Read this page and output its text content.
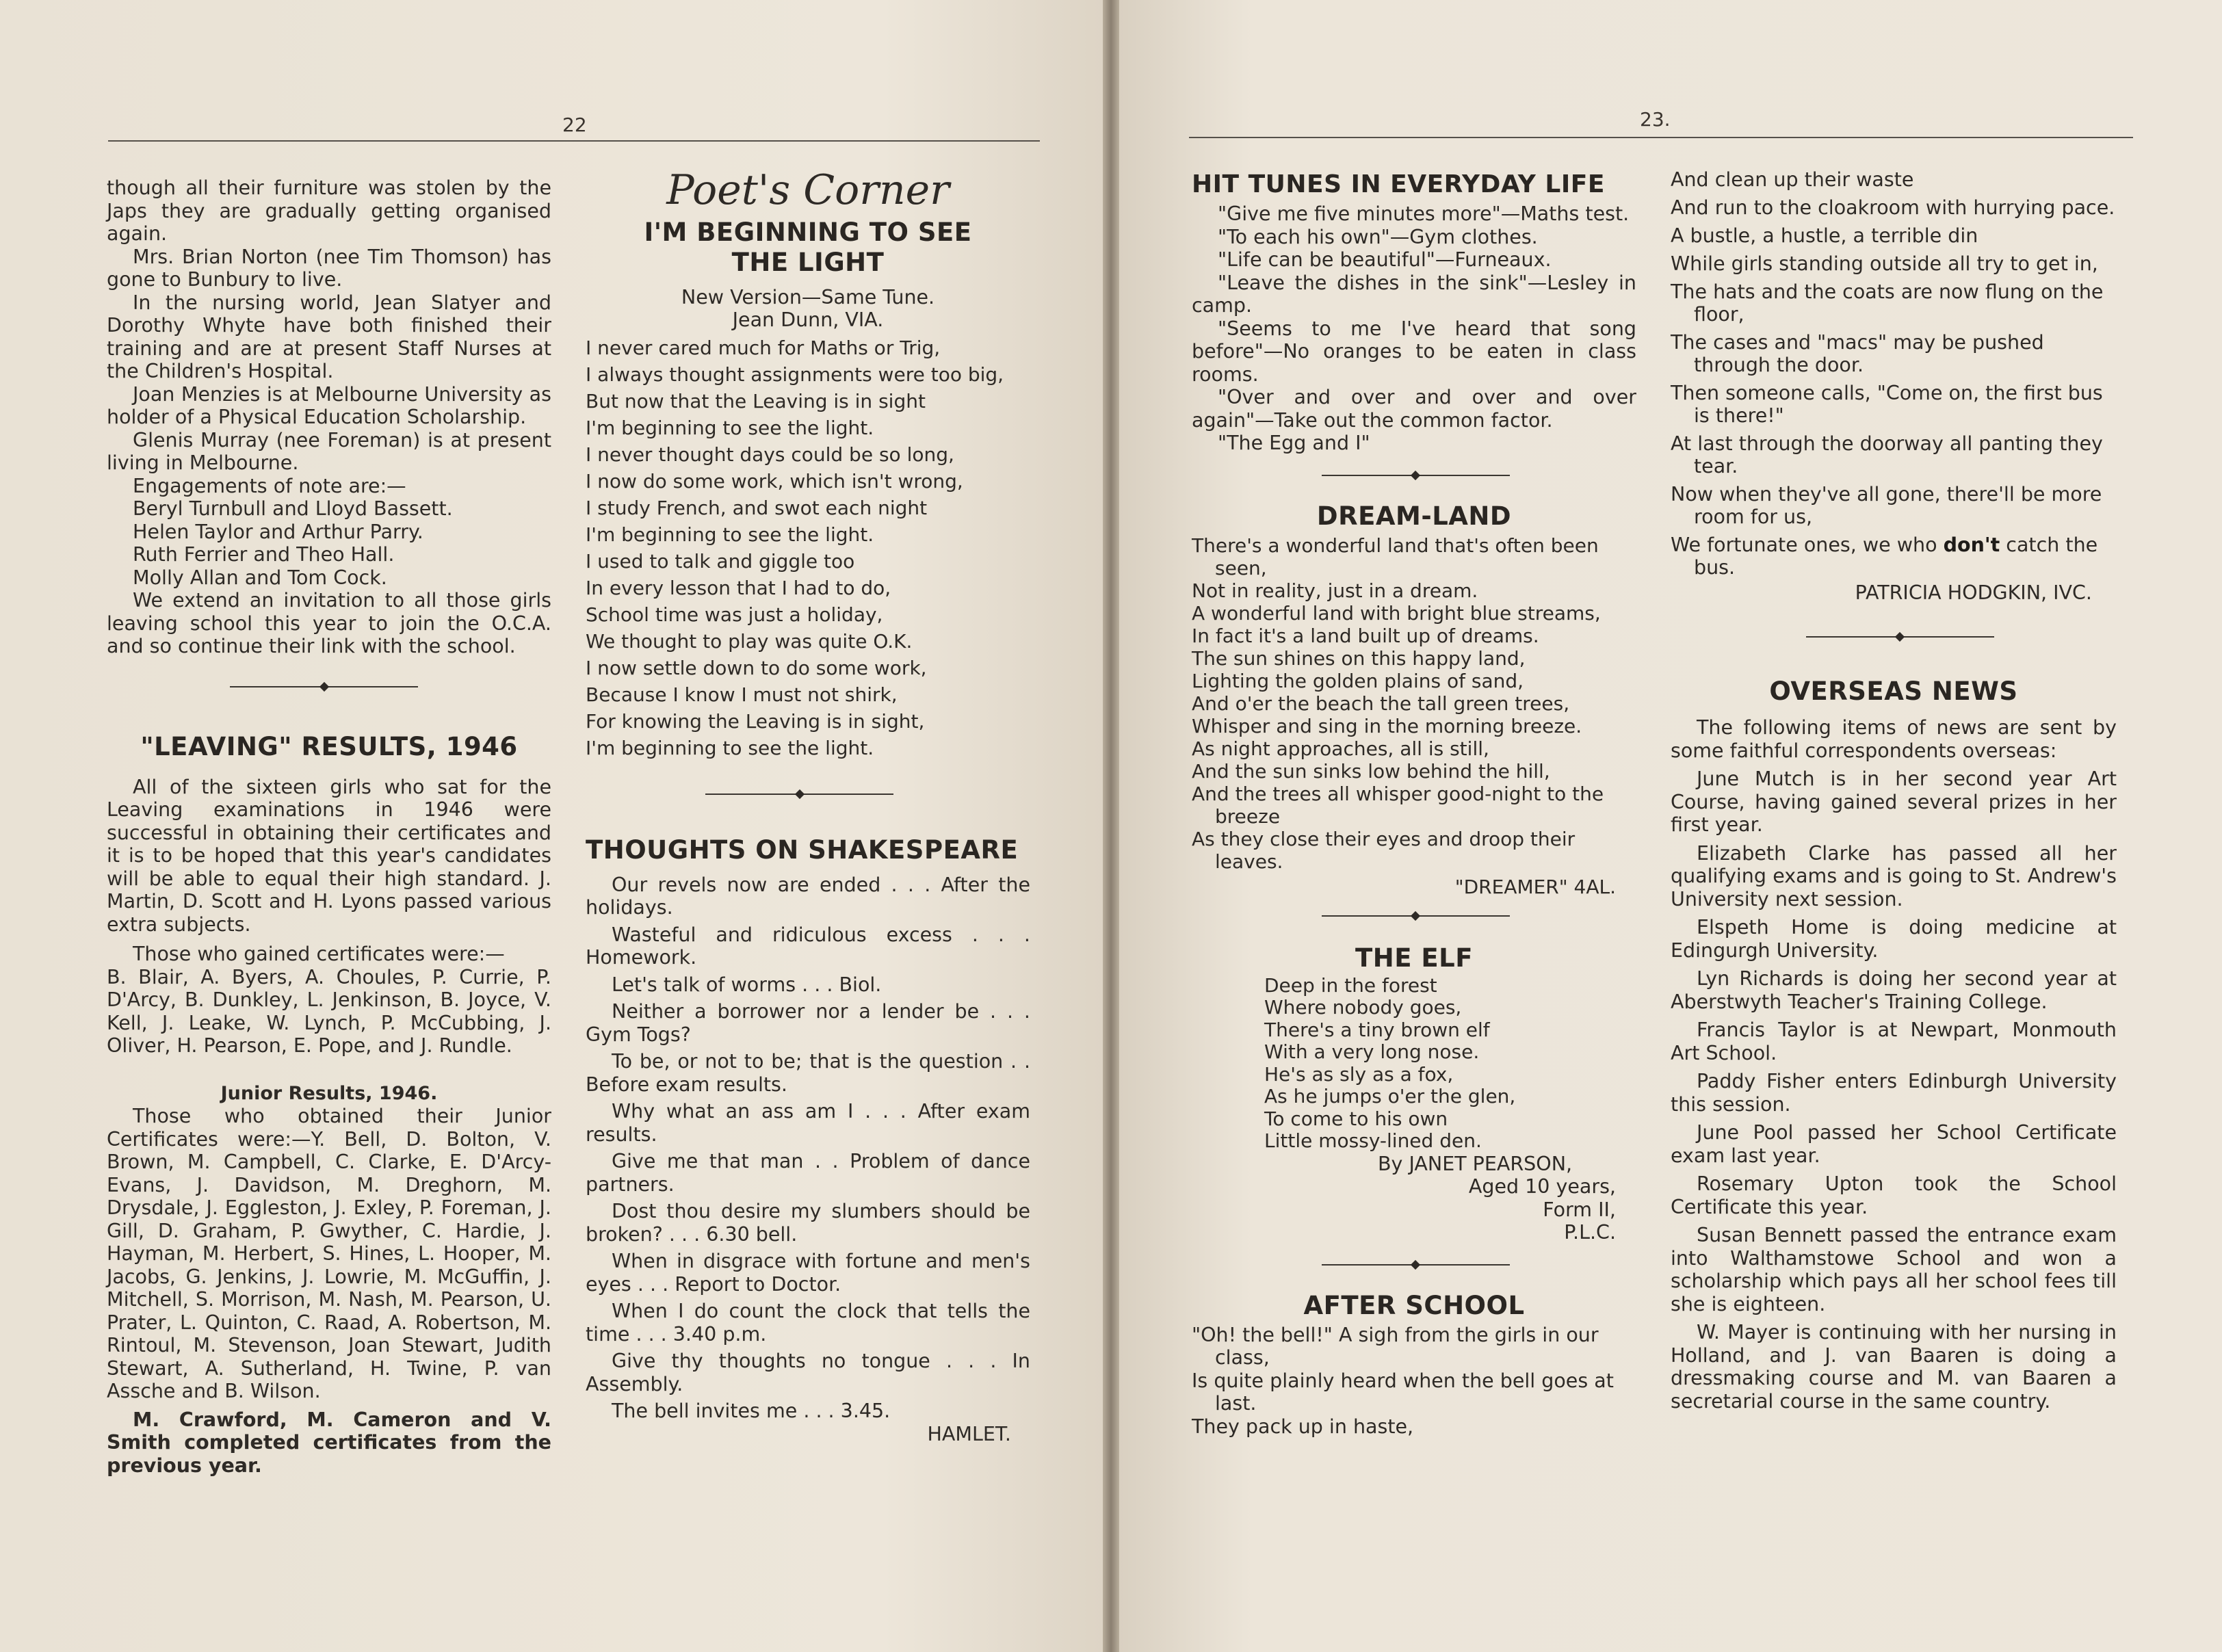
22

though all their furniture was stolen by the Japs they are gradually getting organised again.

Mrs. Brian Norton (nee Tim Thomson) has gone to Bunbury to live.

In the nursing world, Jean Slatyer and Dorothy Whyte have both finished their training and are at present Staff Nurses at the Children's Hospital.

Joan Menzies is at Melbourne University as holder of a Physical Education Scholarship.

Glenis Murray (nee Foreman) is at present living in Melbourne.

Engagements of note are:—

Beryl Turnbull and Lloyd Bassett.

Helen Taylor and Arthur Parry.

Ruth Ferrier and Theo Hall.

Molly Allan and Tom Cock.

We extend an invitation to all those girls leaving school this year to join the O.C.A. and so continue their link with the school.

"LEAVING" RESULTS, 1946

All of the sixteen girls who sat for the Leaving examinations in 1946 were successful in obtaining their certificates and it is to be hoped that this year's candidates will be able to equal their high standard. J. Martin, D. Scott and H. Lyons passed various extra subjects.

Those who gained certificates were:—

B. Blair, A. Byers, A. Choules, P. Currie, P. D'Arcy, B. Dunkley, L. Jenkinson, B. Joyce, V. Kell, J. Leake, W. Lynch, P. McCubbing, J. Oliver, H. Pearson, E. Pope, and J. Rundle.

Junior Results, 1946.

Those who obtained their Junior Certificates were:—Y. Bell, D. Bolton, V. Brown, M. Campbell, C. Clarke, E. D'Arcy-Evans, J. Davidson, M. Dreghorn, M. Drysdale, J. Eggleston, J. Exley, P. Foreman, J. Gill, D. Graham, P. Gwyther, C. Hardie, J. Hayman, M. Herbert, S. Hines, L. Hooper, M. Jacobs, G. Jenkins, J. Lowrie, M. McGuffin, J. Mitchell, S. Morrison, M. Nash, M. Pearson, U. Prater, L. Quinton, C. Raad, A. Robertson, M. Rintoul, M. Stevenson, Joan Stewart, Judith Stewart, A. Sutherland, H. Twine, P. van Assche and B. Wilson.

M. Crawford, M. Cameron and V. Smith completed certificates from the previous year.

Poet's Corner
I'M BEGINNING TO SEE THE LIGHT

New Version—Same Tune.

Jean Dunn, VIA.

I never cared much for Maths or Trig,

I always thought assignments were too big,

But now that the Leaving is in sight

I'm beginning to see the light.

I never thought days could be so long,

I now do some work, which isn't wrong,

I study French, and swot each night

I'm beginning to see the light.

I used to talk and giggle too

In every lesson that I had to do,

School time was just a holiday,

We thought to play was quite O.K.

I now settle down to do some work,

Because I know I must not shirk,

For knowing the Leaving is in sight,

I'm beginning to see the light.

THOUGHTS ON SHAKESPEARE

Our revels now are ended . . . After the holidays.

Wasteful and ridiculous excess . . . Homework.

Let's talk of worms . . . Biol.

Neither a borrower nor a lender be . . . Gym Togs?

To be, or not to be; that is the question . . Before exam results.

Why what an ass am I . . . After exam results.

Give me that man . . Problem of dance partners.

Dost thou desire my slumbers should be broken? . . . 6.30 bell.

When in disgrace with fortune and men's eyes . . . Report to Doctor.

When I do count the clock that tells the time . . . 3.40 p.m.

Give thy thoughts no tongue . . . In Assembly.

The bell invites me . . . 3.45.

HAMLET.

23.
HIT TUNES IN EVERYDAY LIFE

"Give me five minutes more"—Maths test.

"To each his own"—Gym clothes.

"Life can be beautiful"—Furneaux.

"Leave the dishes in the sink"—Lesley in camp.

"Seems to me I've heard that song before"—No oranges to be eaten in class rooms.

"Over and over and over and over again"—Take out the common factor.

"The Egg and I"

DREAM-LAND

There's a wonderful land that's often been seen,

Not in reality, just in a dream.

A wonderful land with bright blue streams,

In fact it's a land built up of dreams.

The sun shines on this happy land,

Lighting the golden plains of sand,

And o'er the beach the tall green trees,

Whisper and sing in the morning breeze.

As night approaches, all is still,

And the sun sinks low behind the hill,

And the trees all whisper good-night to the breeze

As they close their eyes and droop their leaves.

"DREAMER" 4AL.

THE ELF

Deep in the forest

Where nobody goes,

There's a tiny brown elf

With a very long nose.

He's as sly as a fox,

As he jumps o'er the glen,

To come to his own

Little mossy-lined den.

By JANET PEARSON,

Aged 10 years,

Form II,

P.L.C.

AFTER SCHOOL

"Oh! the bell!" A sigh from the girls in our class,

Is quite plainly heard when the bell goes at last.

They pack up in haste,

And clean up their waste

And run to the cloakroom with hurrying pace.

A bustle, a hustle, a terrible din

While girls standing outside all try to get in,

The hats and the coats are now flung on the floor,

The cases and "macs" may be pushed through the door.

Then someone calls, "Come on, the first bus is there!"

At last through the doorway all panting they tear.

Now when they've all gone, there'll be more room for us,

We fortunate ones, we who don't catch the bus.

PATRICIA HODGKIN, IVC.

OVERSEAS NEWS

The following items of news are sent by some faithful correspondents overseas:

June Mutch is in her second year Art Course, having gained several prizes in her first year.

Elizabeth Clarke has passed all her qualifying exams and is going to St. Andrew's University next session.

Elspeth Home is doing medicine at Edingurgh University.

Lyn Richards is doing her second year at Aberstwyth Teacher's Training College.

Francis Taylor is at Newpart, Monmouth Art School.

Paddy Fisher enters Edinburgh University this session.

June Pool passed her School Certificate exam last year.

Rosemary Upton took the School Certificate this year.

Susan Bennett passed the entrance exam into Walthamstowe School and won a scholarship which pays all her school fees till she is eighteen.

W. Mayer is continuing with her nursing in Holland, and J. van Baaren is doing a dressmaking course and M. van Baaren a secretarial course in the same country.
